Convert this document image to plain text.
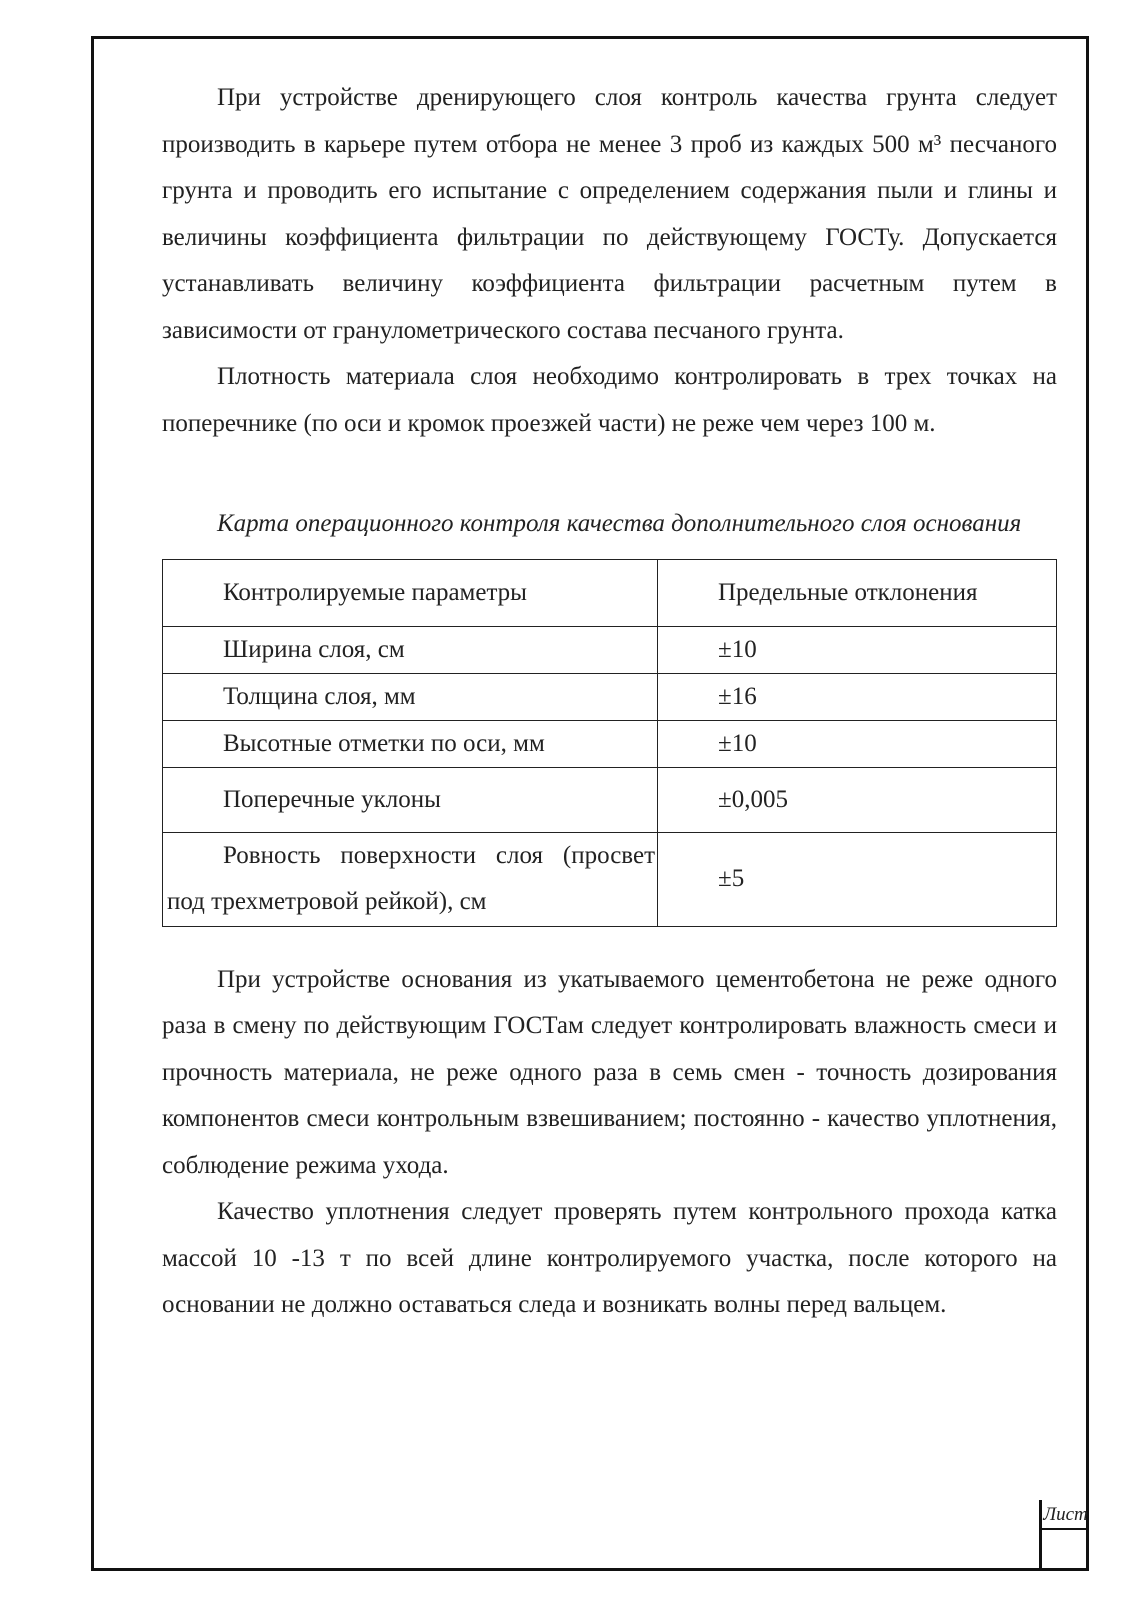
При устройстве дренирующего слоя контроль качества грунта следует производить в карьере путем отбора не менее 3 проб из каждых 500 м³ песчаного грунта и проводить его испытание с определением содержания пыли и глины и величины коэффициента фильтрации по действующему ГОСТу. Допускается устанавливать величину коэффициента фильтрации расчетным путем в зависимости от гранулометрического состава песчаного грунта.

Плотность материала слоя необходимо контролировать в трех точках на поперечнике (по оси и кромок проезжей части) не реже чем через 100 м.

Карта операционного контроля качества дополнительного слоя основания

Контролируемые параметры	Предельные отклонения

Ширина слоя, см	±10

Толщина слоя, мм	±16

Высотные отметки по оси, мм	±10

Поперечные уклоны	±0,005

Ровность поверхности слоя (просвет
под трехметровой рейкой), см	±5

При устройстве основания из укатываемого цементобетона не реже одного раза в смену по действующим ГОСТам следует контролировать влажность смеси и прочность материала, не реже одного раза в семь смен - точность дозирования компонентов смеси контрольным взвешиванием; постоянно - качество уплотнения, соблюдение режима ухода.

Качество уплотнения следует проверять путем контрольного прохода катка массой 10 -13 т по всей длине контролируемого участка, после которого на основании не должно оставаться следа и возникать волны перед вальцем.

Лист
